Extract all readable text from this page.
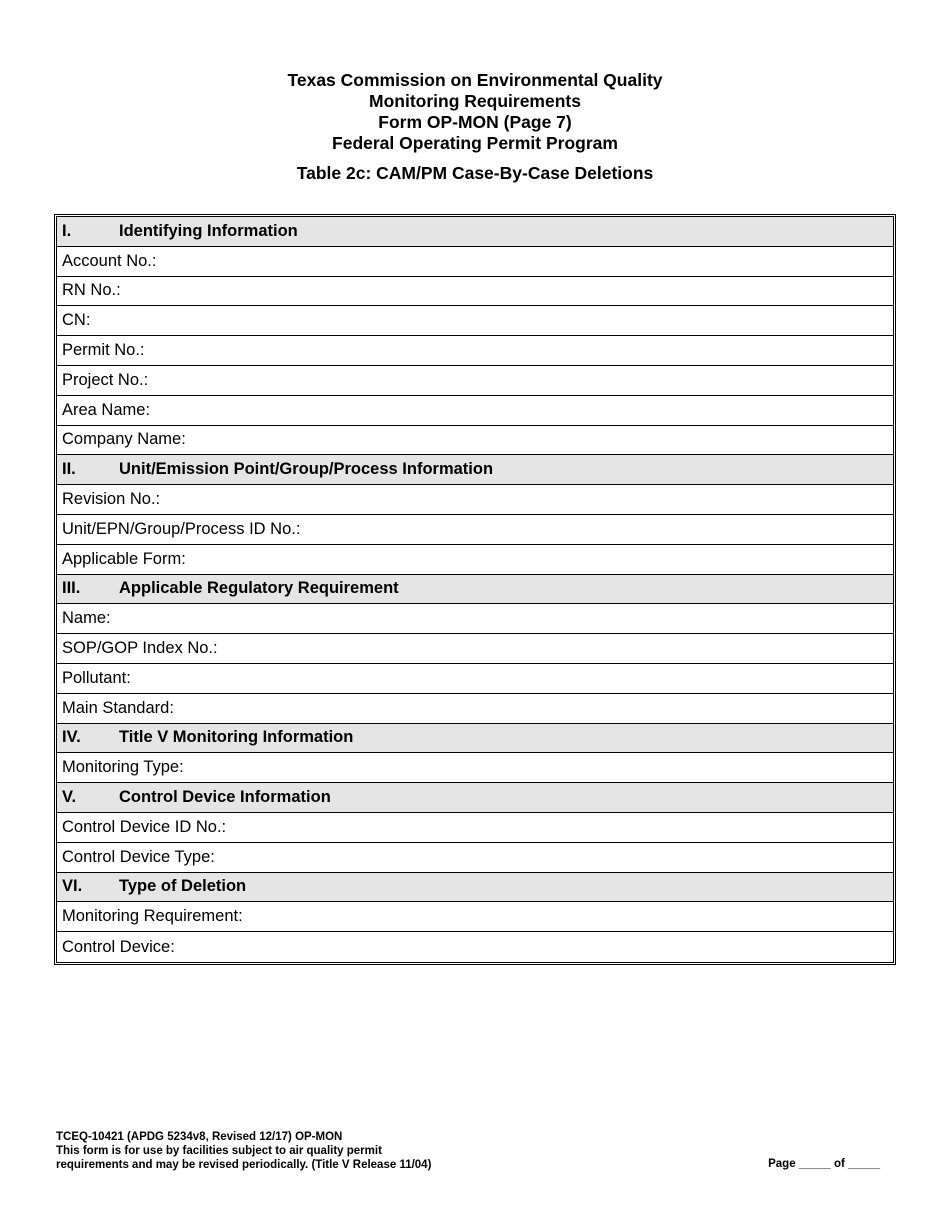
Texas Commission on Environmental Quality
Monitoring Requirements
Form OP-MON (Page 7)
Federal Operating Permit Program
Table 2c: CAM/PM Case-By-Case Deletions
I.	Identifying Information
Account No.:
RN No.:
CN:
Permit No.:
Project No.:
Area Name:
Company Name:
II.	Unit/Emission Point/Group/Process Information
Revision No.:
Unit/EPN/Group/Process ID No.:
Applicable Form:
III.	Applicable Regulatory Requirement
Name:
SOP/GOP Index No.:
Pollutant:
Main Standard:
IV.	Title V Monitoring Information
Monitoring Type:
V.	Control Device Information
Control Device ID No.:
Control Device Type:
VI.	Type of Deletion
Monitoring Requirement:
Control Device:
TCEQ-10421 (APDG 5234v8, Revised 12/17) OP-MON
This form is for use by facilities subject to air quality permit
requirements and may be revised periodically. (Title V Release 11/04)	Page _____ of _____
